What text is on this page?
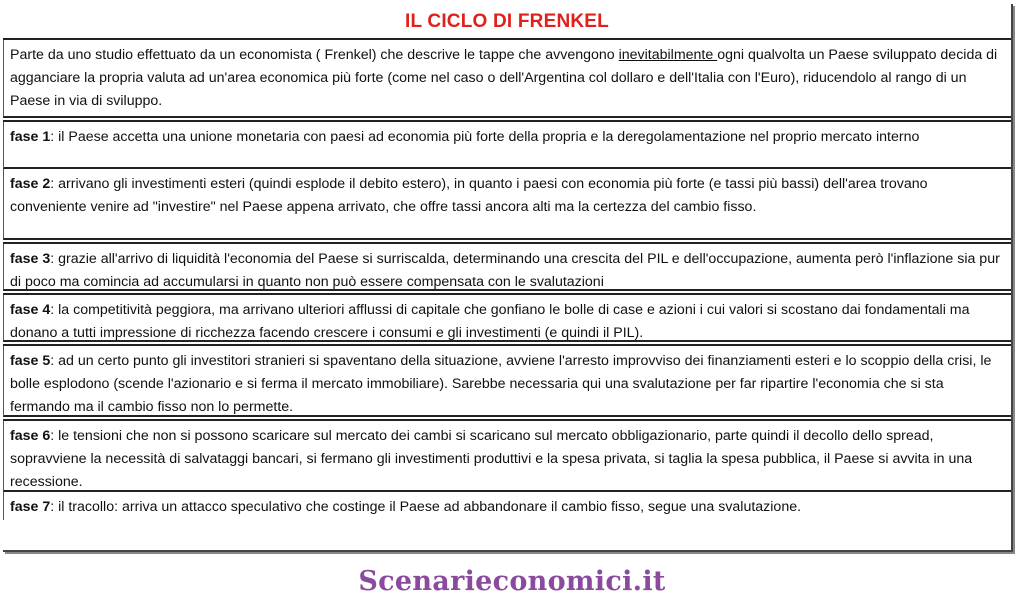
IL CICLO DI FRENKEL
Parte da uno studio effettuato da un economista ( Frenkel) che descrive le tappe che avvengono inevitabilmente ogni qualvolta un Paese sviluppato decida di agganciare la propria valuta ad un'area economica più forte (come nel caso o dell'Argentina col dollaro e dell'Italia con l'Euro), riducendolo al rango di un Paese in via di sviluppo.
fase 1: il Paese accetta una unione monetaria con paesi ad economia più forte della propria e la deregolamentazione nel proprio mercato interno
fase 2: arrivano gli investimenti esteri (quindi esplode il debito estero), in quanto i paesi con economia più forte (e tassi più bassi) dell'area trovano conveniente venire ad "investire" nel Paese appena arrivato, che offre tassi ancora alti ma la certezza del cambio fisso.
fase 3: grazie all'arrivo di liquidità l'economia del Paese si surriscalda, determinando una crescita del PIL e dell'occupazione, aumenta però l'inflazione sia pur di poco ma comincia ad accumularsi in quanto non può essere compensata con le svalutazioni
fase 4: la competitività peggiora, ma arrivano ulteriori afflussi di capitale che gonfiano le bolle di case e azioni i cui valori si scostano dai fondamentali ma donano a tutti impressione di ricchezza facendo crescere i consumi e gli investimenti (e quindi il PIL).
fase 5: ad un certo punto gli investitori stranieri si spaventano della situazione, avviene l'arresto improvviso dei finanziamenti esteri e lo scoppio della crisi, le bolle esplodono (scende l'azionario e si ferma il mercato immobiliare). Sarebbe necessaria qui una svalutazione per far ripartire l'economia che si sta fermando ma il cambio fisso non lo permette.
fase 6: le tensioni che non si possono scaricare sul mercato dei cambi si scaricano sul mercato obbligazionario, parte quindi il decollo dello spread, sopravviene la necessità di salvataggi bancari, si fermano gli investimenti produttivi e la spesa privata, si taglia la spesa pubblica, il Paese si avvita in una recessione.
fase 7: il tracollo: arriva un attacco speculativo che costinge il Paese ad abbandonare il cambio fisso, segue una svalutazione.
Scenarieconomici.it
